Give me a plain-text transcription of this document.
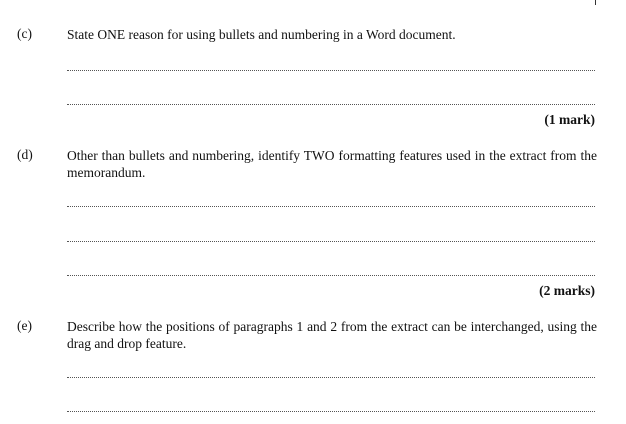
(c)	State ONE reason for using bullets and numbering in a Word document.
(1 mark)
(d)	Other than bullets and numbering, identify TWO formatting features used in the extract from the memorandum.
(2 marks)
(e)	Describe how the positions of paragraphs 1 and 2 from the extract can be interchanged, using the drag and drop feature.
